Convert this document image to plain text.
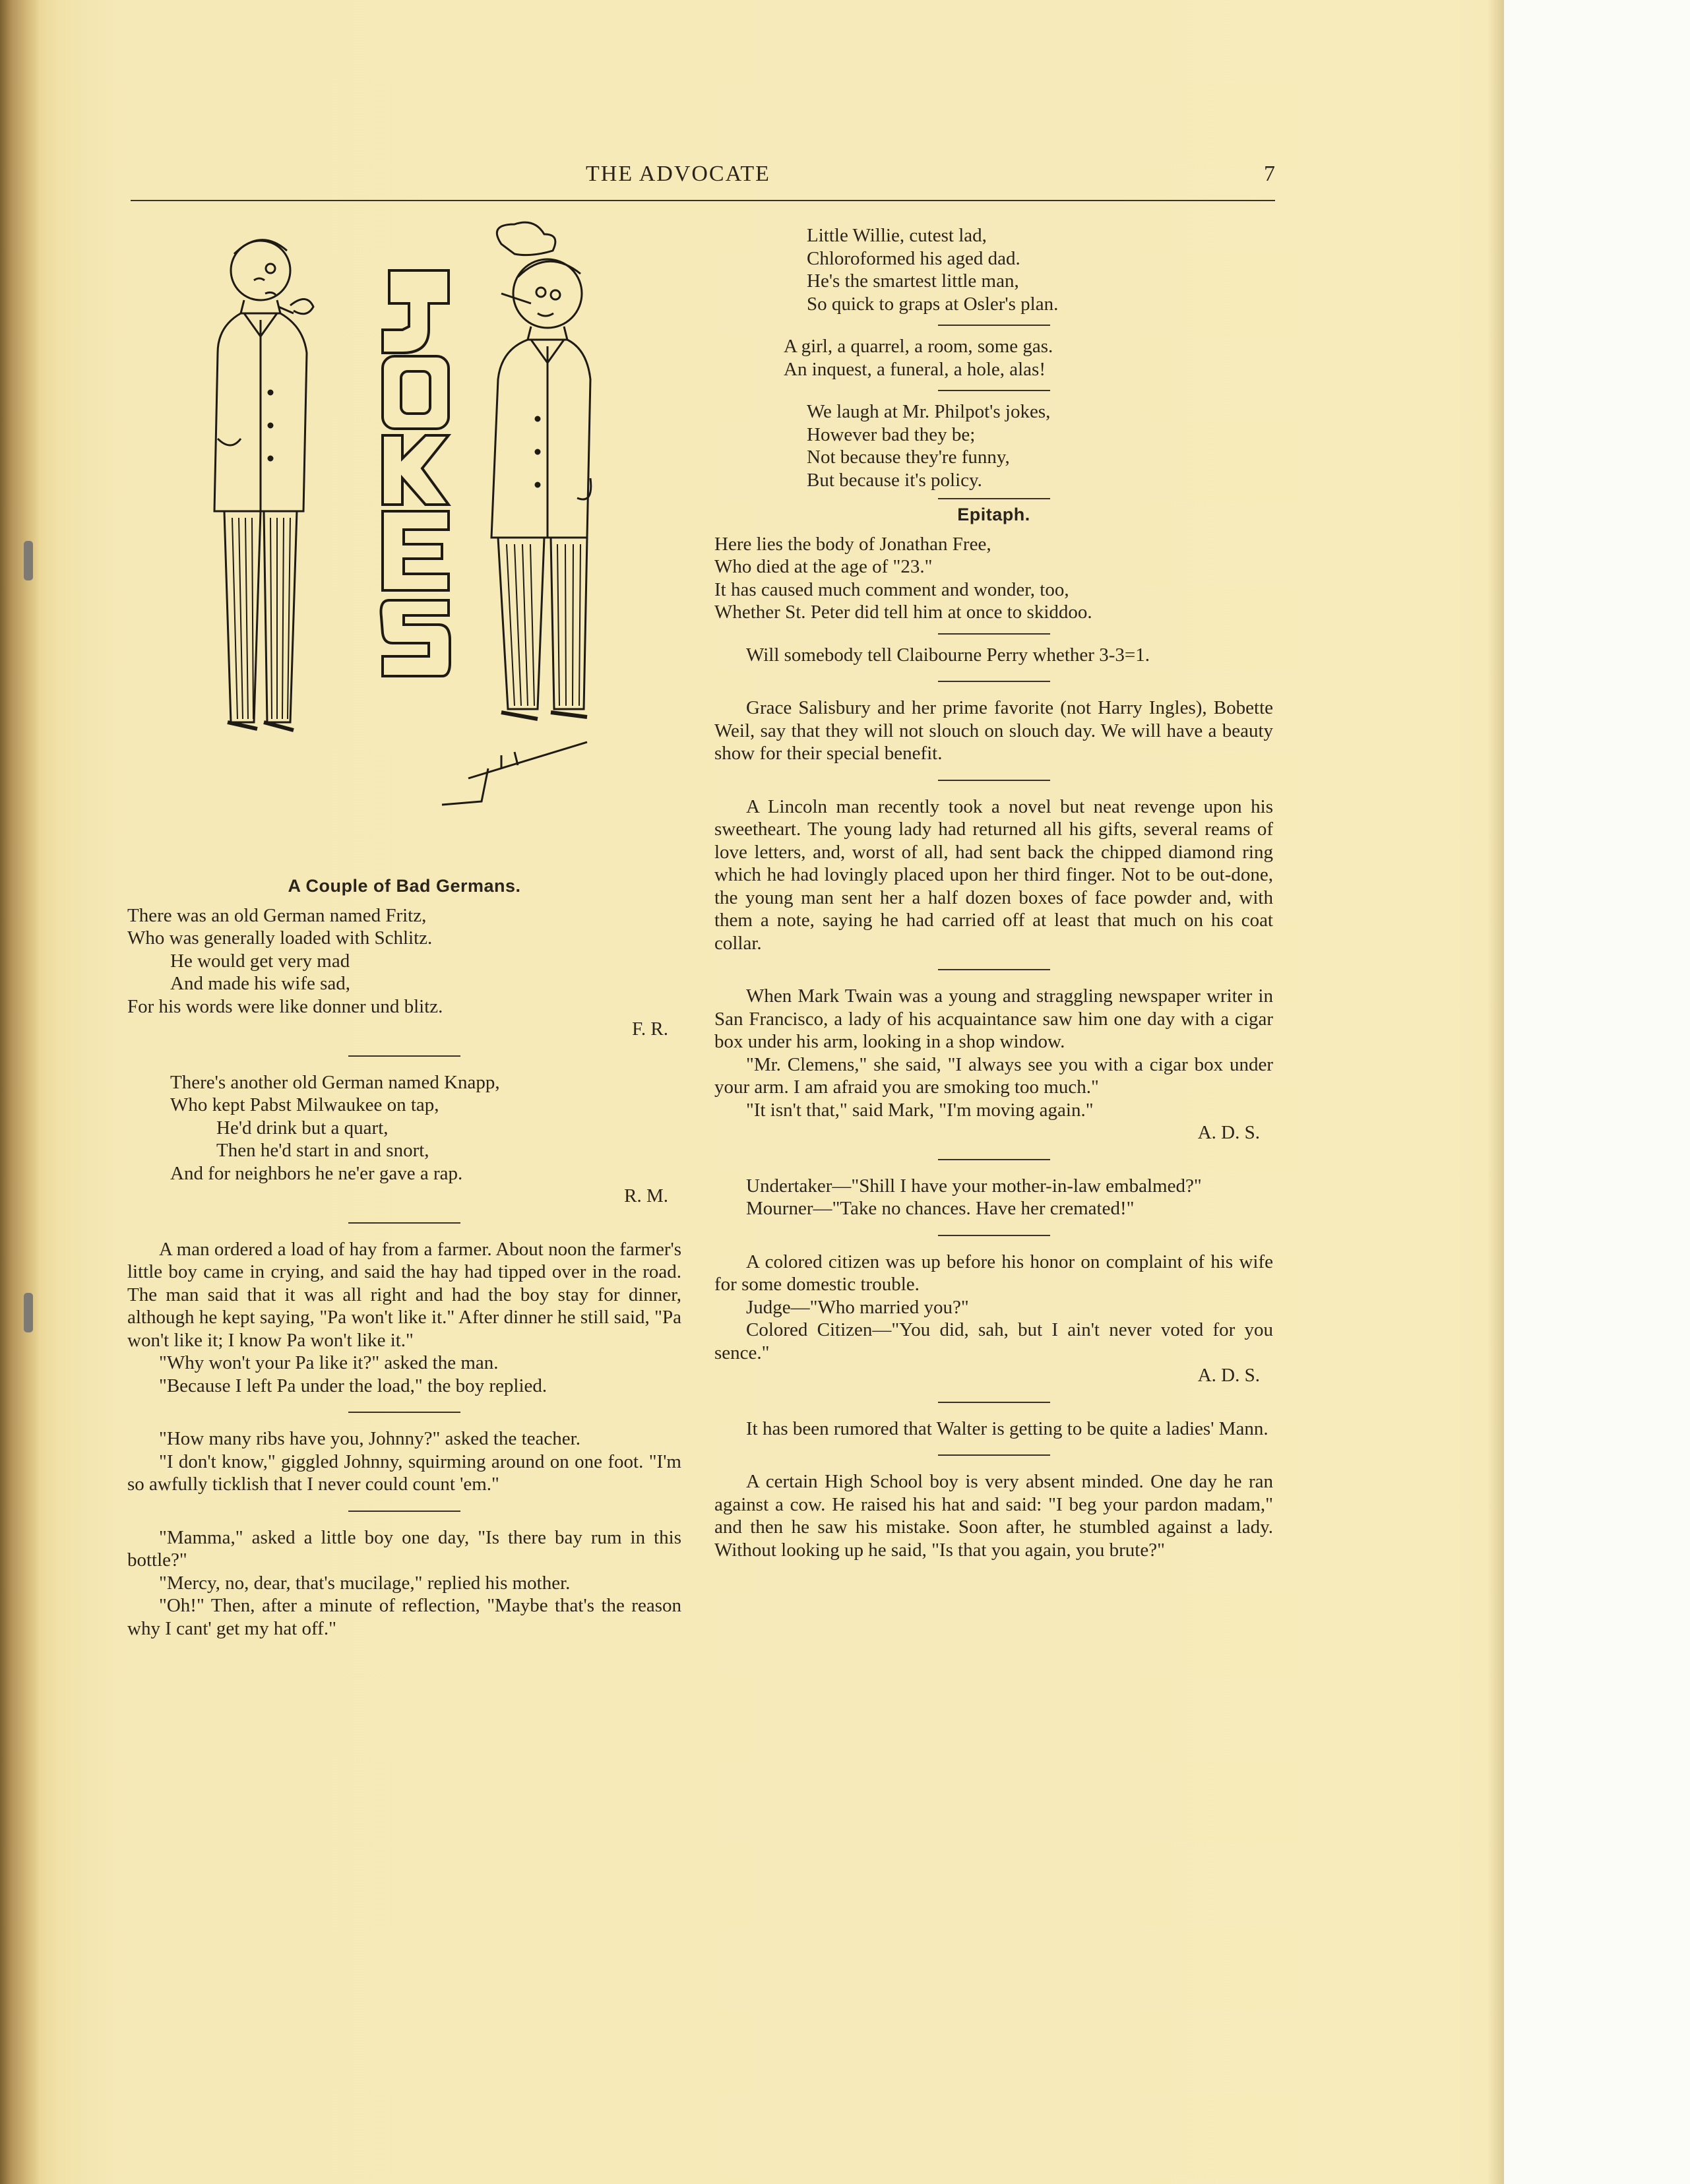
THE ADVOCATE	7
A Couple of Bad Germans.
There was an old German named Fritz,
Who was generally loaded with Schlitz.
He would get very mad
And made his wife sad,
For his words were like donner und blitz.
F. R.
There's another old German named Knapp,
Who kept Pabst Milwaukee on tap,
He'd drink but a quart,
Then he'd start in and snort,
And for neighbors he ne'er gave a rap.
R. M.

A man ordered a load of hay from a farmer. About noon the farmer's little boy came in crying, and said the hay had tipped over in the road. The man said that it was all right and had the boy stay for dinner, although he kept saying, "Pa won't like it." After dinner he still said, "Pa won't like it; I know Pa won't like it."

"Why won't your Pa like it?" asked the man.

"Because I left Pa under the load," the boy replied.

"How many ribs have you, Johnny?" asked the teacher.

"I don't know," giggled Johnny, squirming around on one foot. "I'm so awfully ticklish that I never could count 'em."

"Mamma," asked a little boy one day, "Is there bay rum in this bottle?"

"Mercy, no, dear, that's mucilage," replied his mother.

"Oh!" Then, after a minute of reflection, "Maybe that's the reason why I cant' get my hat off."

Little Willie, cutest lad,
Chloroformed his aged dad.
He's the smartest little man,
So quick to graps at Osler's plan.
A girl, a quarrel, a room, some gas.
An inquest, a funeral, a hole, alas!
We laugh at Mr. Philpot's jokes,
However bad they be;
Not because they're funny,
But because it's policy.
Epitaph.
Here lies the body of Jonathan Free,
Who died at the age of "23."
It has caused much comment and wonder, too,
Whether St. Peter did tell him at once to skiddoo.

Will somebody tell Claibourne Perry whether 3-3=1.

Grace Salisbury and her prime favorite (not Harry Ingles), Bobette Weil, say that they will not slouch on slouch day. We will have a beauty show for their special benefit.

A Lincoln man recently took a novel but neat revenge upon his sweetheart. The young lady had returned all his gifts, several reams of love letters, and, worst of all, had sent back the chipped diamond ring which he had lovingly placed upon her third finger. Not to be out-done, the young man sent her a half dozen boxes of face powder and, with them a note, saying he had carried off at least that much on his coat collar.

When Mark Twain was a young and straggling newspaper writer in San Francisco, a lady of his acquaintance saw him one day with a cigar box under his arm, looking in a shop window.

"Mr. Clemens," she said, "I always see you with a cigar box under your arm. I am afraid you are smoking too much."

"It isn't that," said Mark, "I'm moving again."

A. D. S.

Undertaker—"Shill I have your mother-in-law embalmed?"

Mourner—"Take no chances. Have her cremated!"

A colored citizen was up before his honor on complaint of his wife for some domestic trouble.

Judge—"Who married you?"

Colored Citizen—"You did, sah, but I ain't never voted for you sence."

A. D. S.

It has been rumored that Walter is getting to be quite a ladies' Mann.

A certain High School boy is very absent minded. One day he ran against a cow. He raised his hat and said: "I beg your pardon madam," and then he saw his mistake. Soon after, he stumbled against a lady. Without looking up he said, "Is that you again, you brute?"
